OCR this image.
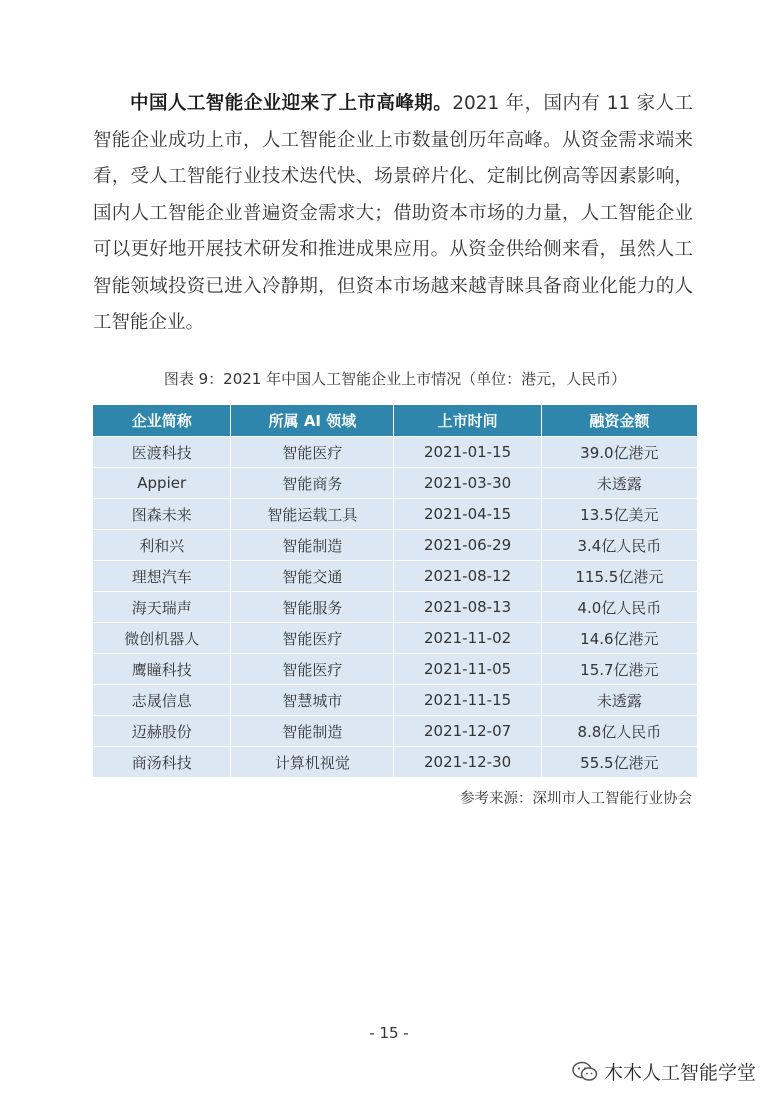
中国人工智能企业迎来了上市高峰期。2021 年，国内有 11 家人工智能企业成功上市，人工智能企业上市数量创历年高峰。从资金需求端来看，受人工智能行业技术迭代快、场景碎片化、定制比例高等因素影响，国内人工智能企业普遍资金需求大；借助资本市场的力量，人工智能企业可以更好地开展技术研发和推进成果应用。从资金供给侧来看，虽然人工智能领域投资已进入冷静期，但资本市场越来越青睐具备商业化能力的人工智能企业。

图表 9：2021 年中国人工智能企业上市情况（单位：港元，人民币）
企业简称	所属 AI 领域	上市时间	融资金额
医渡科技	智能医疗	2021-01-15	39.0亿港元
Appier	智能商务	2021-03-30	未透露
图森未来	智能运载工具	2021-04-15	13.5亿美元
利和兴	智能制造	2021-06-29	3.4亿人民币
理想汽车	智能交通	2021-08-12	115.5亿港元
海天瑞声	智能服务	2021-08-13	4.0亿人民币
微创机器人	智能医疗	2021-11-02	14.6亿港元
鹰瞳科技	智能医疗	2021-11-05	15.7亿港元
志晟信息	智慧城市	2021-11-15	未透露
迈赫股份	智能制造	2021-12-07	8.8亿人民币
商汤科技	计算机视觉	2021-12-30	55.5亿港元
参考来源：深圳市人工智能行业协会
- 15 -
木木人工智能学堂
